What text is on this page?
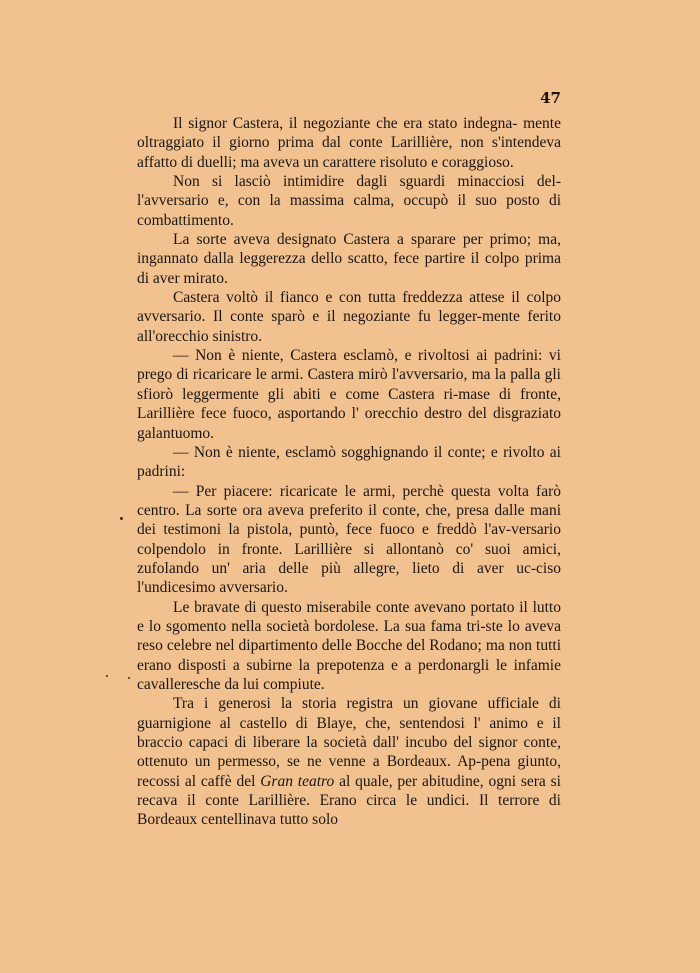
47

Il signor Castera, il negoziante che era stato indegna- mente oltraggiato il giorno prima dal conte Larillière, non s'intendeva affatto di duelli; ma aveva un carattere risoluto e coraggioso.

Non si lasciò intimidire dagli sguardi minacciosi del-l'avversario e, con la massima calma, occupò il suo posto di combattimento.

La sorte aveva designato Castera a sparare per primo; ma, ingannato dalla leggerezza dello scatto, fece partire il colpo prima di aver mirato.

Castera voltò il fianco e con tutta freddezza attese il colpo avversario. Il conte sparò e il negoziante fu legger-mente ferito all'orecchio sinistro.

— Non è niente, Castera esclamò, e rivoltosi ai padrini: vi prego di ricaricare le armi. Castera mirò l'avversario, ma la palla gli sfiorò leggermente gli abiti e come Castera ri-mase di fronte, Larillière fece fuoco, asportando l' orecchio destro del disgraziato galantuomo.

— Non è niente, esclamò sogghignando il conte; e rivolto ai padrini:

— Per piacere: ricaricate le armi, perchè questa volta farò centro. La sorte ora aveva preferito il conte, che, presa dalle mani dei testimoni la pistola, puntò, fece fuoco e freddò l'av-versario colpendolo in fronte. Larillière si allontanò co' suoi amici, zufolando un' aria delle più allegre, lieto di aver uc-ciso l'undicesimo avversario.

Le bravate di questo miserabile conte avevano portato il lutto e lo sgomento nella società bordolese. La sua fama tri-ste lo aveva reso celebre nel dipartimento delle Bocche del Rodano; ma non tutti erano disposti a subirne la prepotenza e a perdonargli le infamie cavalleresche da lui compiute.

Tra i generosi la storia registra un giovane ufficiale di guarnigione al castello di Blaye, che, sentendosi l' animo e il braccio capaci di liberare la società dall' incubo del signor conte, ottenuto un permesso, se ne venne a Bordeaux. Ap-pena giunto, recossi al caffè del Gran teatro al quale, per abitudine, ogni sera si recava il conte Larillière. Erano circa le undici. Il terrore di Bordeaux centellinava tutto solo
